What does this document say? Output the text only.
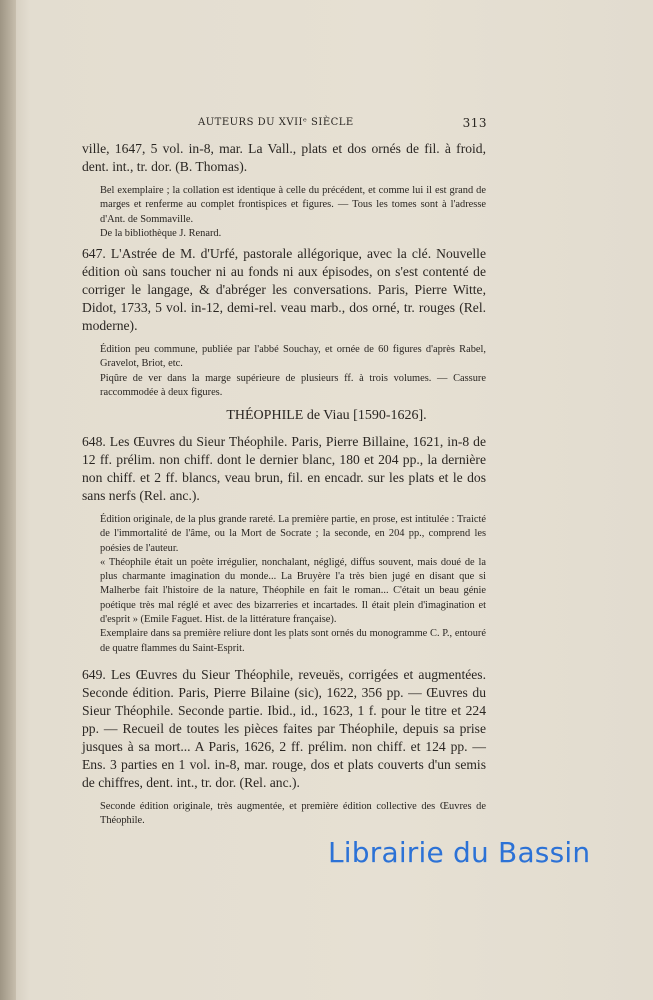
AUTEURS DU XVIIᵉ SIÈCLE	313

ville, 1647, 5 vol. in-8, mar. La Vall., plats et dos ornés de fil. à froid, dent. int., tr. dor. (B. Thomas).

Bel exemplaire ; la collation est identique à celle du précédent, et comme lui il est grand de marges et renferme au complet frontispices et figures. — Tous les tomes sont à l'adresse d'Ant. de Sommaville.

De la bibliothèque J. Renard.

647. L'Astrée de M. d'Urfé, pastorale allégorique, avec la clé. Nouvelle édition où sans toucher ni au fonds ni aux épisodes, on s'est contenté de corriger le langage, & d'abréger les conversations. Paris, Pierre Witte, Didot, 1733, 5 vol. in-12, demi-rel. veau marb., dos orné, tr. rouges (Rel. moderne).

Édition peu commune, publiée par l'abbé Souchay, et ornée de 60 figures d'après Rabel, Gravelot, Briot, etc.

Piqûre de ver dans la marge supérieure de plusieurs ff. à trois volumes. — Cassure raccommodée à deux figures.

THÉOPHILE de Viau [1590-1626].

648. Les Œuvres du Sieur Théophile. Paris, Pierre Billaine, 1621, in-8 de 12 ff. prélim. non chiff. dont le dernier blanc, 180 et 204 pp., la dernière non chiff. et 2 ff. blancs, veau brun, fil. en encadr. sur les plats et le dos sans nerfs (Rel. anc.).

Édition originale, de la plus grande rareté. La première partie, en prose, est intitulée : Traicté de l'immortalité de l'âme, ou la Mort de Socrate ; la seconde, en 204 pp., comprend les poésies de l'auteur.

« Théophile était un poète irrégulier, nonchalant, négligé, diffus souvent, mais doué de la plus charmante imagination du monde... La Bruyère l'a très bien jugé en disant que si Malherbe fait l'histoire de la nature, Théophile en fait le roman... C'était un beau génie poétique très mal réglé et avec des bizarreries et incartades. Il était plein d'imagination et d'esprit » (Emile Faguet. Hist. de la littérature française).

Exemplaire dans sa première reliure dont les plats sont ornés du monogramme C. P., entouré de quatre flammes du Saint-Esprit.

649. Les Œuvres du Sieur Théophile, reveuës, corrigées et augmentées. Seconde édition. Paris, Pierre Bilaine (sic), 1622, 356 pp. — Œuvres du Sieur Théophile. Seconde partie. Ibid., id., 1623, 1 f. pour le titre et 224 pp. — Recueil de toutes les pièces faites par Théophile, depuis sa prise jusques à sa mort... A Paris, 1626, 2 ff. prélim. non chiff. et 124 pp. — Ens. 3 parties en 1 vol. in-8, mar. rouge, dos et plats couverts d'un semis de chiffres, dent. int., tr. dor. (Rel. anc.).

Seconde édition originale, très augmentée, et première édition collective des Œuvres de Théophile.

Librairie du Bassin
